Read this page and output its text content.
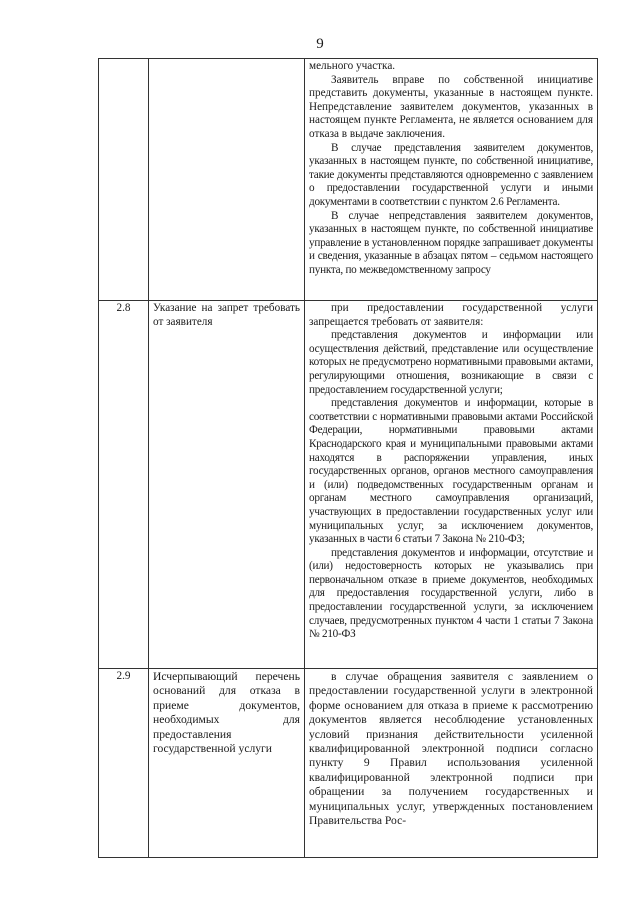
9

		мельного участка.

Заявитель вправе по собственной инициативе представить документы, указанные в настоящем пункте. Непредставление заявителем документов, указанных в настоящем пункте Регламента, не является основанием для отказа в выдаче заключения.

В случае представления заявителем документов, указанных в настоящем пункте, по собственной инициативе, такие документы представляются одновременно с заявлением о предоставлении государственной услуги и иными документами в соответствии с пунктом 2.6 Регламента.

В случае непредставления заявителем документов, указанных в настоящем пункте, по собственной инициативе управление в установленном порядке запрашивает документы и сведения, указанные в абзацах пятом – седьмом настоящего пункта, по межведомственному запросу

2.8	Указание на запрет требовать от заявителя	при предоставлении государственной услуги запрещается требовать от заявителя:

представления документов и информации или осуществления действий, представление или осуществление которых не предусмотрено нормативными правовыми актами, регулирующими отношения, возникающие в связи с предоставлением государственной услуги;

представления документов и информации, которые в соответствии с нормативными правовыми актами Российской Федерации, нормативными правовыми актами Краснодарского края и муниципальными правовыми актами находятся в распоряжении управления, иных государственных органов, органов местного самоуправления и (или) подведомственных государственным органам и органам местного самоуправления организаций, участвующих в предоставлении государственных услуг или муниципальных услуг, за исключением документов, указанных в части 6 статьи 7 Закона № 210-ФЗ;

представления документов и информации, отсутствие и (или) недостоверность которых не указывались при первоначальном отказе в приеме документов, необходимых для предоставления государственной услуги, либо в предоставлении государственной услуги, за исключением случаев, предусмотренных пунктом 4 части 1 статьи 7 Закона № 210-ФЗ

2.9	Исчерпывающий перечень оснований для отказа в приеме документов, необходимых для предоставления государственной услуги	в случае обращения заявителя с заявлением о предоставлении государственной услуги в электронной форме основанием для отказа в приеме к рассмотрению документов является несоблюдение установленных условий признания действительности усиленной квалифицированной электронной подписи согласно пункту 9 Правил использования усиленной квалифицированной электронной подписи при обращении за получением государственных и муниципальных услуг, утвержденных постановлением Правительства Рос-
